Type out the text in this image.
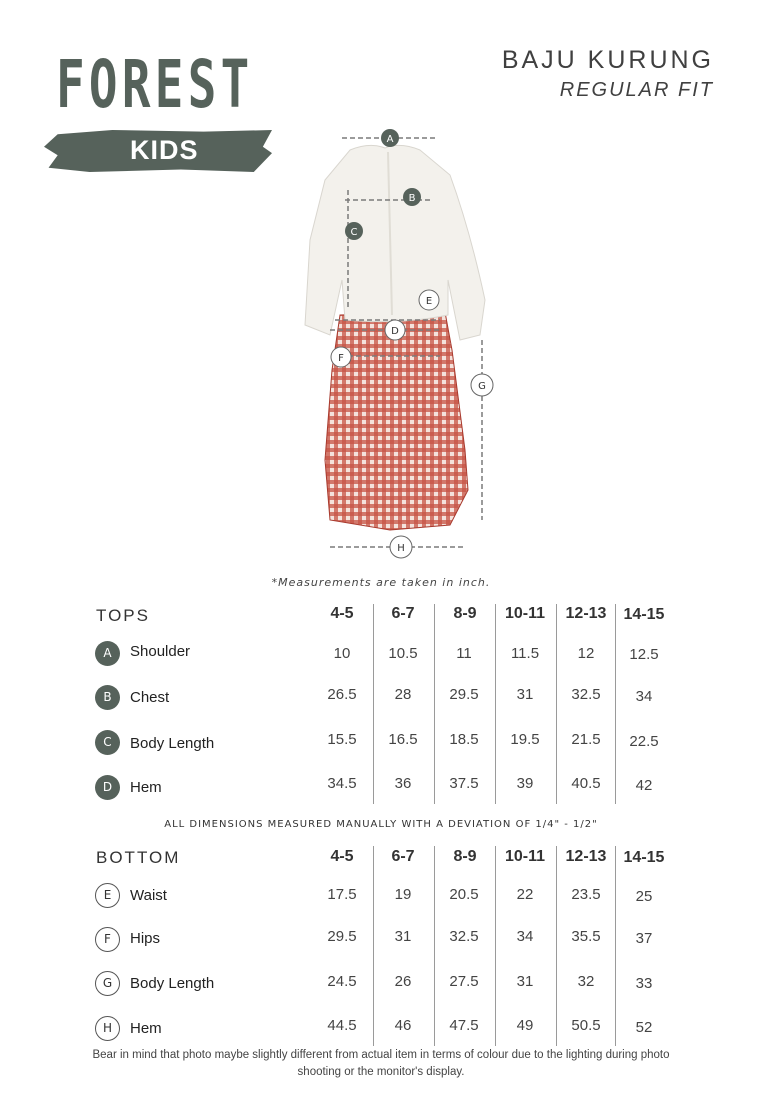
FOREST
KIDS
BAJU KURUNG
REGULAR FIT
A
B
C
D
E
F
G
H
*Measurements are taken in inch.
TOPS	4-5	6-7	8-9	10-11	12-13	14-15
A	Shoulder	10	10.5	11	11.5	12	12.5
B	Chest	26.5	28	29.5	31	32.5	34
C	Body Length	15.5	16.5	18.5	19.5	21.5	22.5
D	Hem	34.5	36	37.5	39	40.5	42
ALL DIMENSIONS MEASURED MANUALLY WITH A DEVIATION OF 1/4" - 1/2"
BOTTOM	4-5	6-7	8-9	10-11	12-13	14-15
E	Waist	17.5	19	20.5	22	23.5	25
F	Hips	29.5	31	32.5	34	35.5	37
G	Body Length	24.5	26	27.5	31	32	33
H	Hem	44.5	46	47.5	49	50.5	52
Bear in mind that photo maybe slightly different from actual item in terms of colour due to the lighting during photo shooting or the monitor's display.
